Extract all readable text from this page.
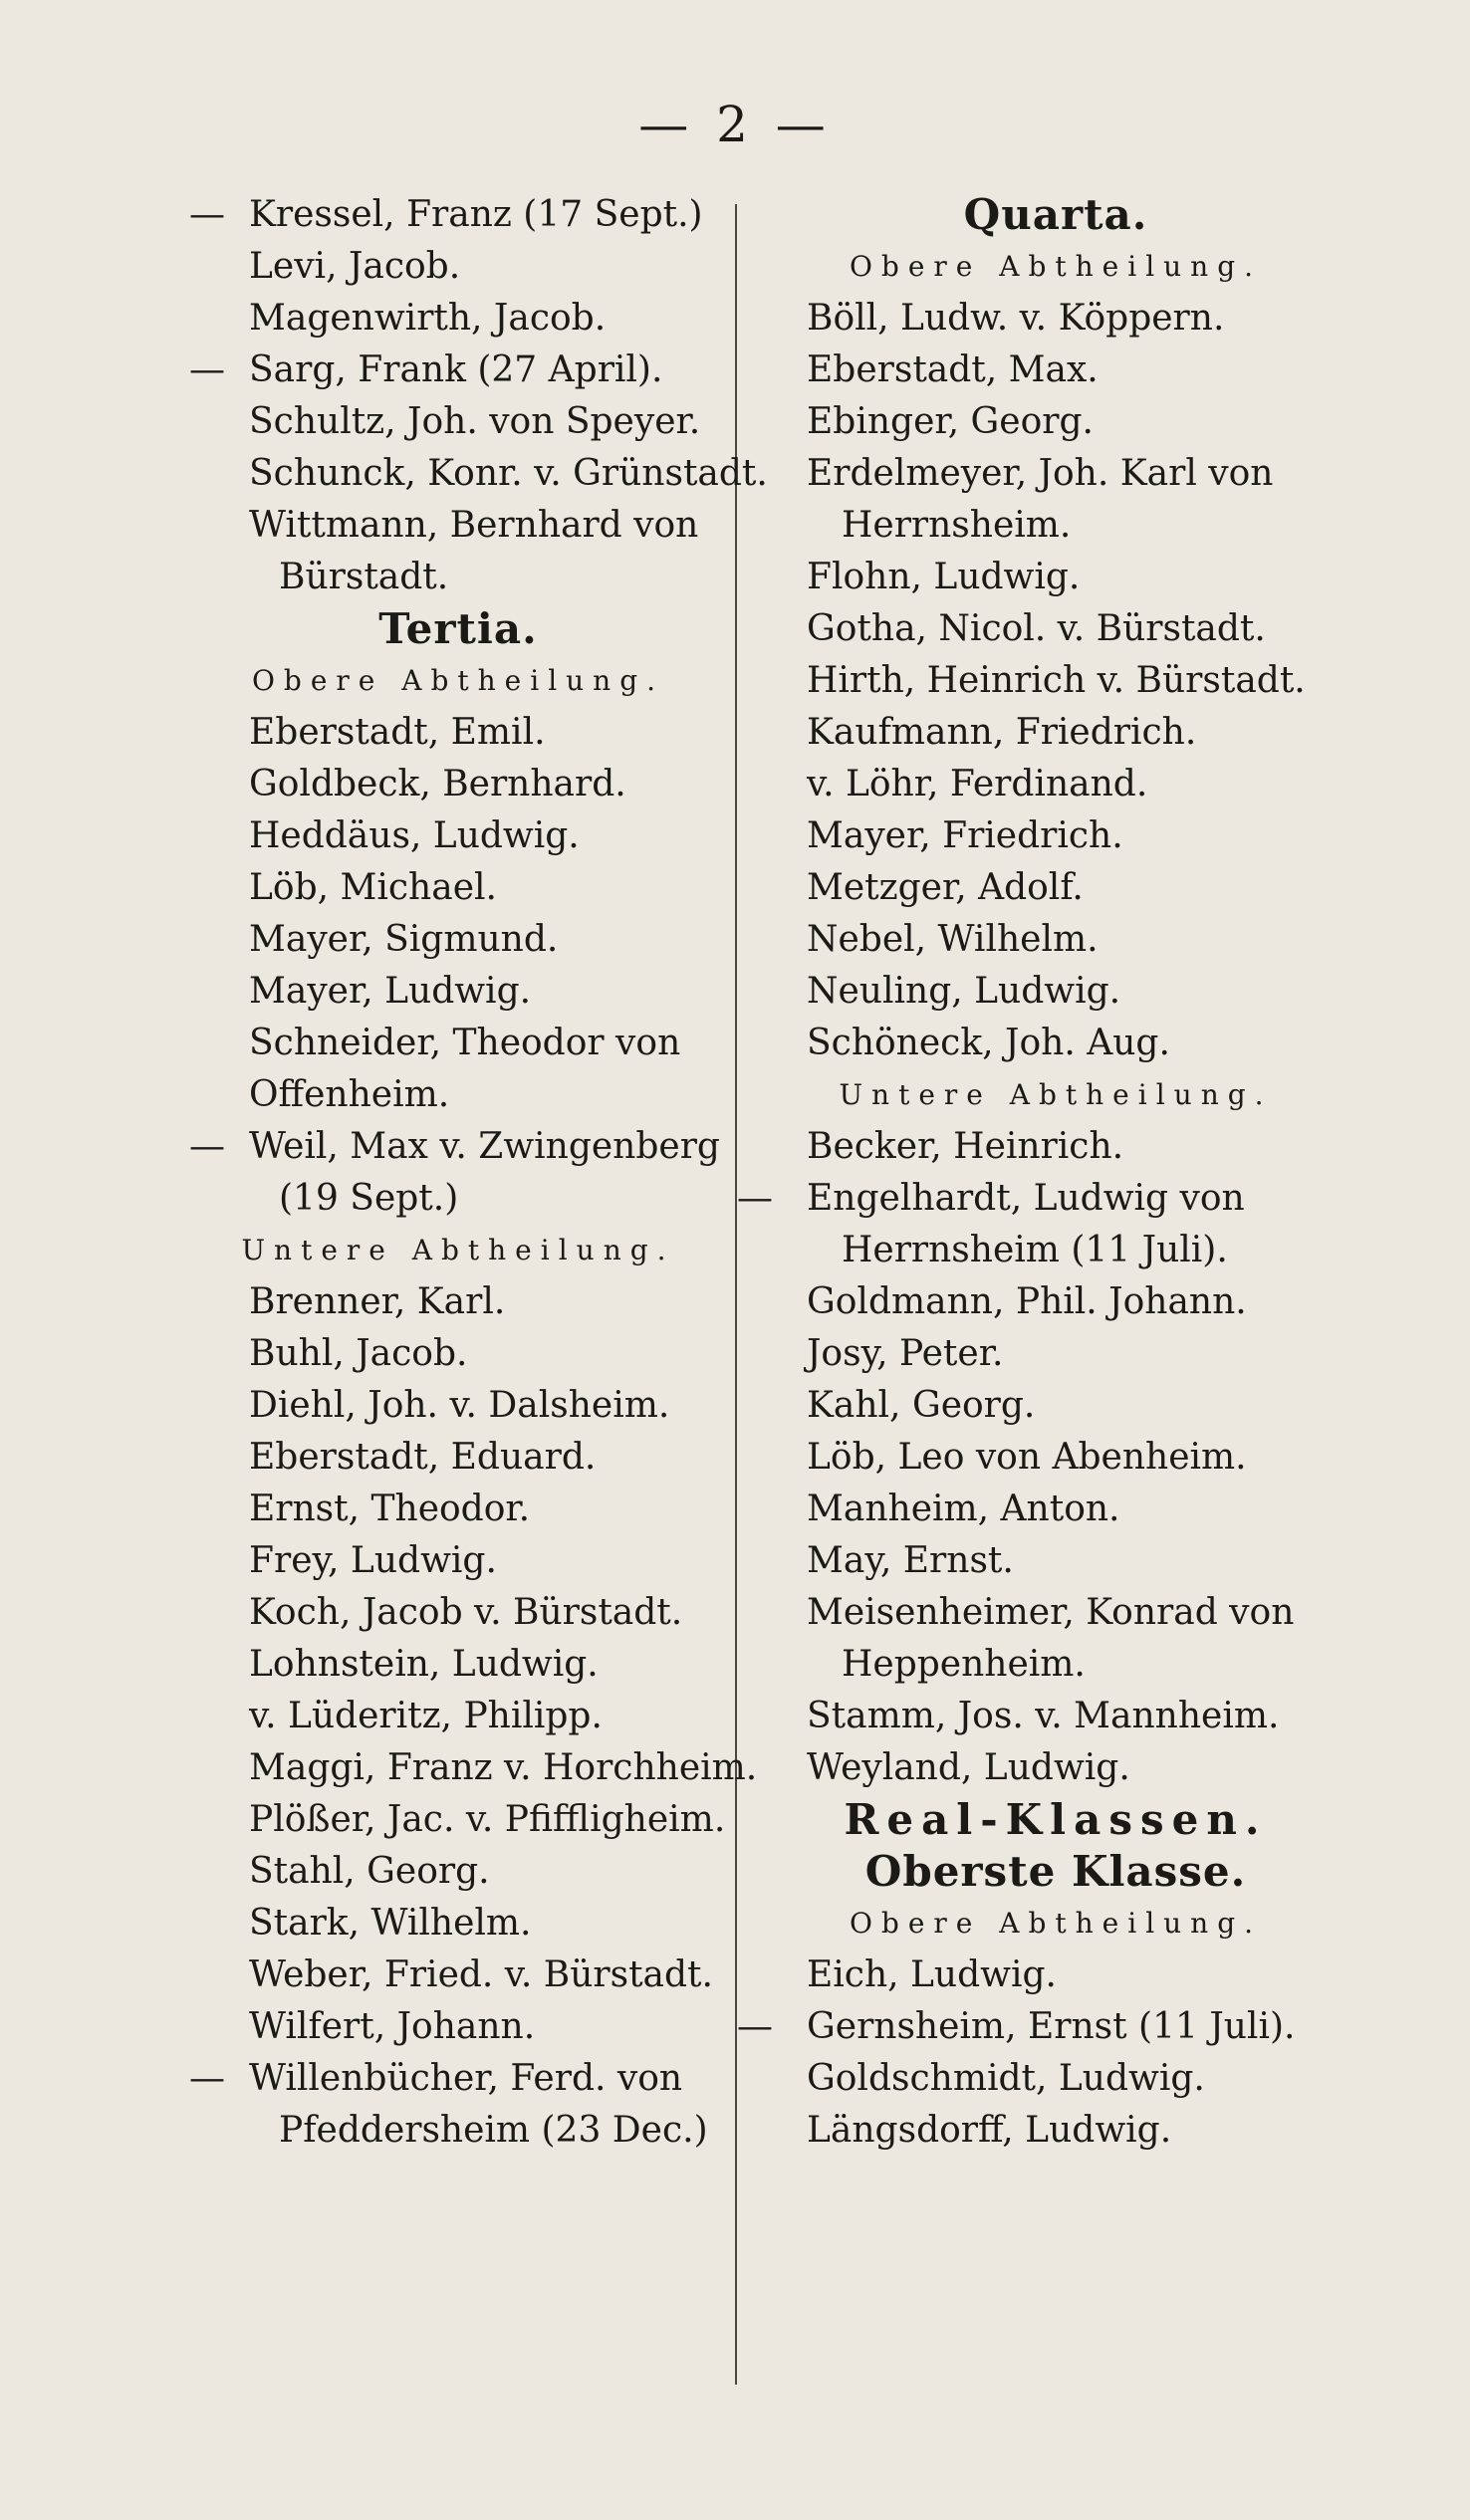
— 2 —
— Kressel, Franz (17 Sept.)
Levi, Jacob.
Magenwirth, Jacob.
— Sarg, Frank (27 April).
Schultz, Joh. von Speyer.
Schunck, Konr. v. Grünstadt.
Wittmann, Bernhard von
Bürstadt.
Tertia.
Obere Abtheilung.
Eberstadt, Emil.
Goldbeck, Bernhard.
Heddäus, Ludwig.
Löb, Michael.
Mayer, Sigmund.
Mayer, Ludwig.
Schneider, Theodor von
Offenheim.
— Weil, Max v. Zwingenberg
(19 Sept.)
Untere Abtheilung.
Brenner, Karl.
Buhl, Jacob.
Diehl, Joh. v. Dalsheim.
Eberstadt, Eduard.
Ernst, Theodor.
Frey, Ludwig.
Koch, Jacob v. Bürstadt.
Lohnstein, Ludwig.
v. Lüderitz, Philipp.
Maggi, Franz v. Horchheim.
Plößer, Jac. v. Pfiffligheim.
Stahl, Georg.
Stark, Wilhelm.
Weber, Fried. v. Bürstadt.
Wilfert, Johann.
— Willenbücher, Ferd. von
Pfeddersheim (23 Dec.)
Quarta.
Obere Abtheilung.
Böll, Ludw. v. Köppern.
Eberstadt, Max.
Ebinger, Georg.
Erdelmeyer, Joh. Karl von
Herrnsheim.
Flohn, Ludwig.
Gotha, Nicol. v. Bürstadt.
Hirth, Heinrich v. Bürstadt.
Kaufmann, Friedrich.
v. Löhr, Ferdinand.
Mayer, Friedrich.
Metzger, Adolf.
Nebel, Wilhelm.
Neuling, Ludwig.
Schöneck, Joh. Aug.
Untere Abtheilung.
Becker, Heinrich.
— Engelhardt, Ludwig von
Herrnsheim (11 Juli).
Goldmann, Phil. Johann.
Josy, Peter.
Kahl, Georg.
Löb, Leo von Abenheim.
Manheim, Anton.
May, Ernst.
Meisenheimer, Konrad von
Heppenheim.
Stamm, Jos. v. Mannheim.
Weyland, Ludwig.
Real-Klassen.
Oberste Klasse.
Obere Abtheilung.
Eich, Ludwig.
— Gernsheim, Ernst (11 Juli).
Goldschmidt, Ludwig.
Längsdorff, Ludwig.
